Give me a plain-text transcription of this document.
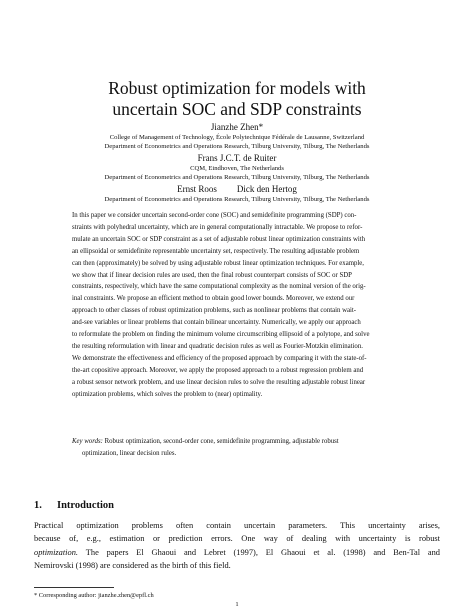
Robust optimization for models with
uncertain SOC and SDP constraints
Jianzhe Zhen*
College of Management of Technology, École Polytechnique Fédérale de Lausanne, Switzerland
Department of Econometrics and Operations Research, Tilburg University, Tilburg, The Netherlands
Frans J.C.T. de Ruiter
CQM, Eindhoven, The Netherlands
Department of Econometrics and Operations Research, Tilburg University, Tilburg, The Netherlands
Ernst Roos Dick den Hertog
Department of Econometrics and Operations Research, Tilburg University, Tilburg, The Netherlands

In this paper we consider uncertain second-order cone (SOC) and semidefinite programming (SDP) con-

straints with polyhedral uncertainty, which are in general computationally intractable. We propose to refor-

mulate an uncertain SOC or SDP constraint as a set of adjustable robust linear optimization constraints with

an ellipsoidal or semidefinite representable uncertainty set, respectively. The resulting adjustable problem

can then (approximately) be solved by using adjustable robust linear optimization techniques. For example,

we show that if linear decision rules are used, then the final robust counterpart consists of SOC or SDP

constraints, respectively, which have the same computational complexity as the nominal version of the orig-

inal constraints. We propose an efficient method to obtain good lower bounds. Moreover, we extend our

approach to other classes of robust optimization problems, such as nonlinear problems that contain wait-

and-see variables or linear problems that contain bilinear uncertainty. Numerically, we apply our approach

to reformulate the problem on finding the minimum volume circumscribing ellipsoid of a polytope, and solve

the resulting reformulation with linear and quadratic decision rules as well as Fourier-Motzkin elimination.

We demonstrate the effectiveness and efficiency of the proposed approach by comparing it with the state-of-

the-art copositive approach. Moreover, we apply the proposed approach to a robust regression problem and

a robust sensor network problem, and use linear decision rules to solve the resulting adjustable robust linear

optimization problems, which solves the problem to (near) optimality.

Key words: Robust optimization, second-order cone, semidefinite programming, adjustable robust
optimization, linear decision rules.
1. Introduction
Practical optimization problems often contain uncertain parameters. This uncertainty arises,
because of, e.g., estimation or prediction errors. One way of dealing with uncertainty is robust
optimization. The papers El Ghaoui and Lebret (1997), El Ghaoui et al. (1998) and Ben-Tal and
Nemirovski (1998) are considered as the birth of this field.
* Corresponding author: jianzhe.zhen@epfl.ch
1
